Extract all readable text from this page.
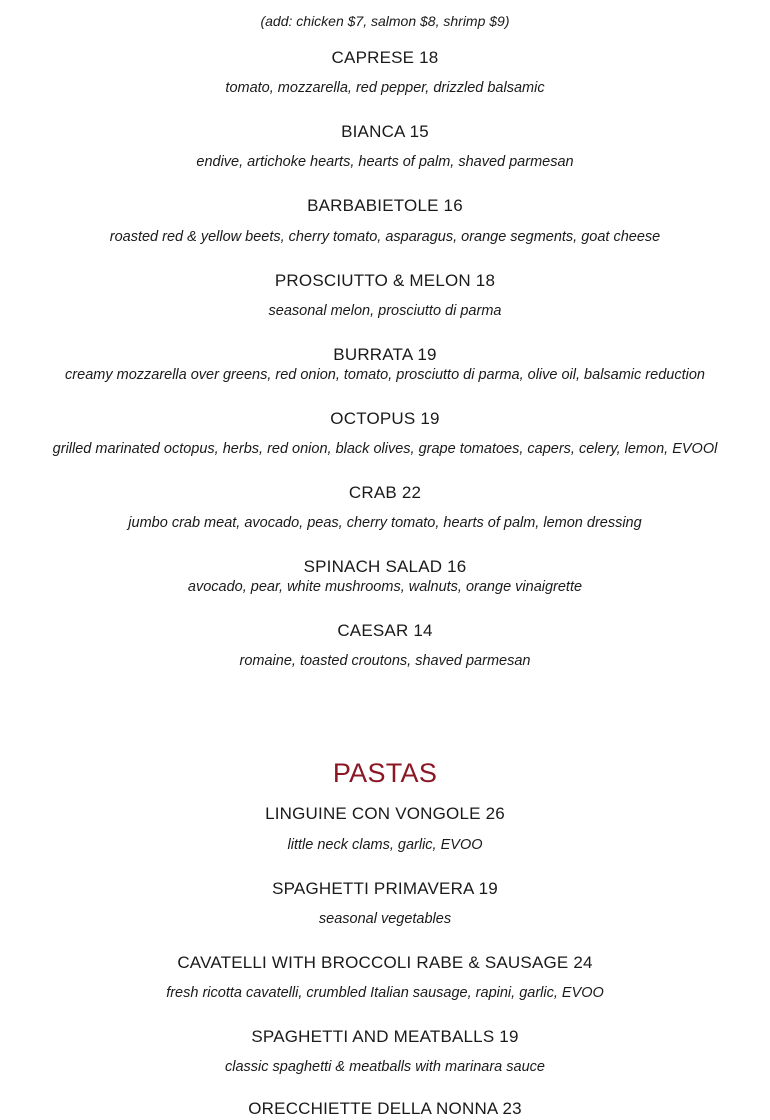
(add: chicken $7, salmon $8, shrimp $9)
CAPRESE 18
tomato, mozzarella, red pepper, drizzled balsamic
BIANCA 15
endive, artichoke hearts, hearts of palm, shaved parmesan
BARBABIETOLE 16
roasted red & yellow beets, cherry tomato, asparagus, orange segments, goat cheese
PROSCIUTTO & MELON 18
seasonal melon, prosciutto di parma
BURRATA 19
creamy mozzarella over greens, red onion, tomato, prosciutto di parma, olive oil, balsamic reduction
OCTOPUS 19
grilled marinated octopus, herbs, red onion, black olives, grape tomatoes, capers, celery, lemon, EVOOl
CRAB 22
jumbo crab meat, avocado, peas, cherry tomato, hearts of palm, lemon dressing
SPINACH SALAD 16
avocado, pear, white mushrooms, walnuts, orange vinaigrette
CAESAR 14
romaine, toasted croutons, shaved parmesan
PASTAS
LINGUINE CON VONGOLE 26
little neck clams, garlic, EVOO
SPAGHETTI PRIMAVERA 19
seasonal vegetables
CAVATELLI WITH BROCCOLI RABE & SAUSAGE 24
fresh ricotta cavatelli, crumbled Italian sausage, rapini, garlic, EVOO
SPAGHETTI AND MEATBALLS 19
classic spaghetti & meatballs with marinara sauce
ORECCHIETTE DELLA NONNA 23
